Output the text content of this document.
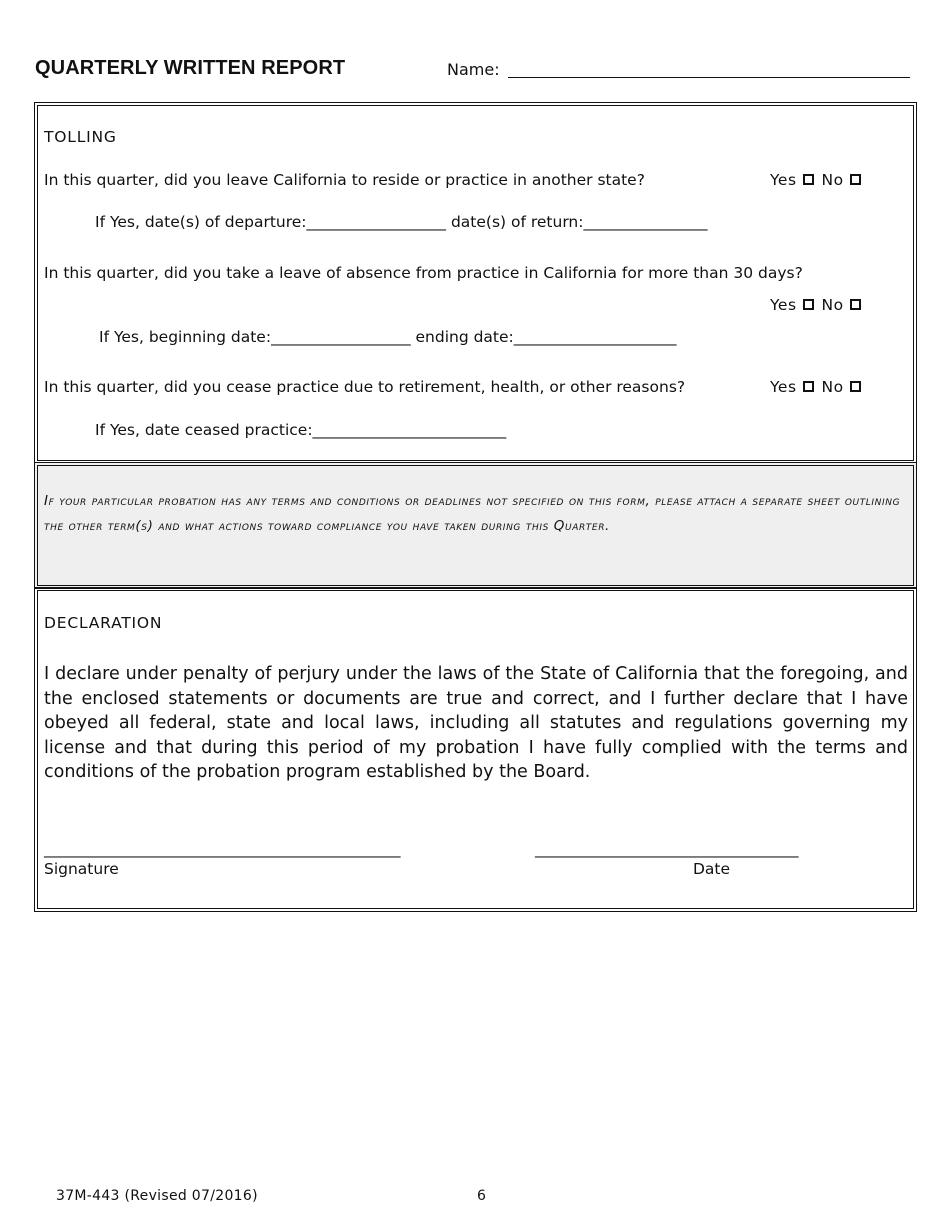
QUARTERLY WRITTEN REPORT	Name:
TOLLING
In this quarter, did you leave California to reside or practice in another state?	Yes No
If Yes, date(s) of departure:__________________ date(s) of return:________________
In this quarter, did you take a leave of absence from practice in California for more than 30 days?
Yes No
If Yes, beginning date:__________________ ending date:_____________________
In this quarter, did you cease practice due to retirement, health, or other reasons?	Yes No
If Yes, date ceased practice:_________________________
If your particular probation has any terms and conditions or deadlines not specified on this form, please attach a separate sheet outlining the other term(s) and what actions toward compliance you have taken during this Quarter.
DECLARATION
I declare under penalty of perjury under the laws of the State of California that the foregoing, and the enclosed statements or documents are true and correct, and I further declare that I have obeyed all federal, state and local laws, including all statutes and regulations governing my license and that during this period of my probation I have fully complied with the terms and conditions of the probation program established by the Board.
______________________________________________	__________________________________
Signature	Date
37M-443 (Revised 07/2016)	6
